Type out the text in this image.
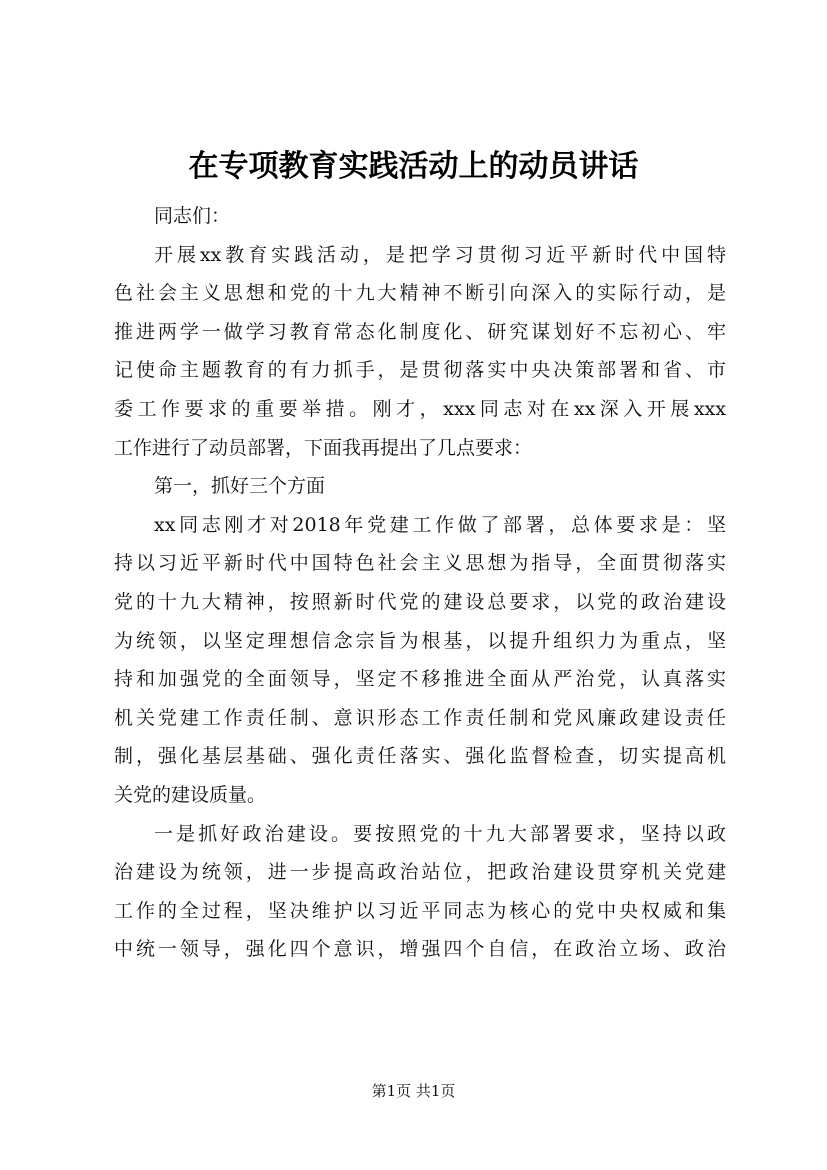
在专项教育实践活动上的动员讲话
同志们：
开展xx教育实践活动，是把学习贯彻习近平新时代中国特
色社会主义思想和党的十九大精神不断引向深入的实际行动，是
推进两学一做学习教育常态化制度化、研究谋划好不忘初心、牢
记使命主题教育的有力抓手，是贯彻落实中央决策部署和省、市
委工作要求的重要举措。刚才，xxx同志对在xx深入开展xxx
工作进行了动员部署，下面我再提出了几点要求：
第一，抓好三个方面
xx同志刚才对2018年党建工作做了部署，总体要求是：坚
持以习近平新时代中国特色社会主义思想为指导，全面贯彻落实
党的十九大精神，按照新时代党的建设总要求，以党的政治建设
为统领，以坚定理想信念宗旨为根基，以提升组织力为重点，坚
持和加强党的全面领导，坚定不移推进全面从严治党，认真落实
机关党建工作责任制、意识形态工作责任制和党风廉政建设责任
制，强化基层基础、强化责任落实、强化监督检查，切实提高机
关党的建设质量。
一是抓好政治建设。要按照党的十九大部署要求，坚持以政
治建设为统领，进一步提高政治站位，把政治建设贯穿机关党建
工作的全过程，坚决维护以习近平同志为核心的党中央权威和集
中统一领导，强化四个意识，增强四个自信，在政治立场、政治
第1页 共1页
